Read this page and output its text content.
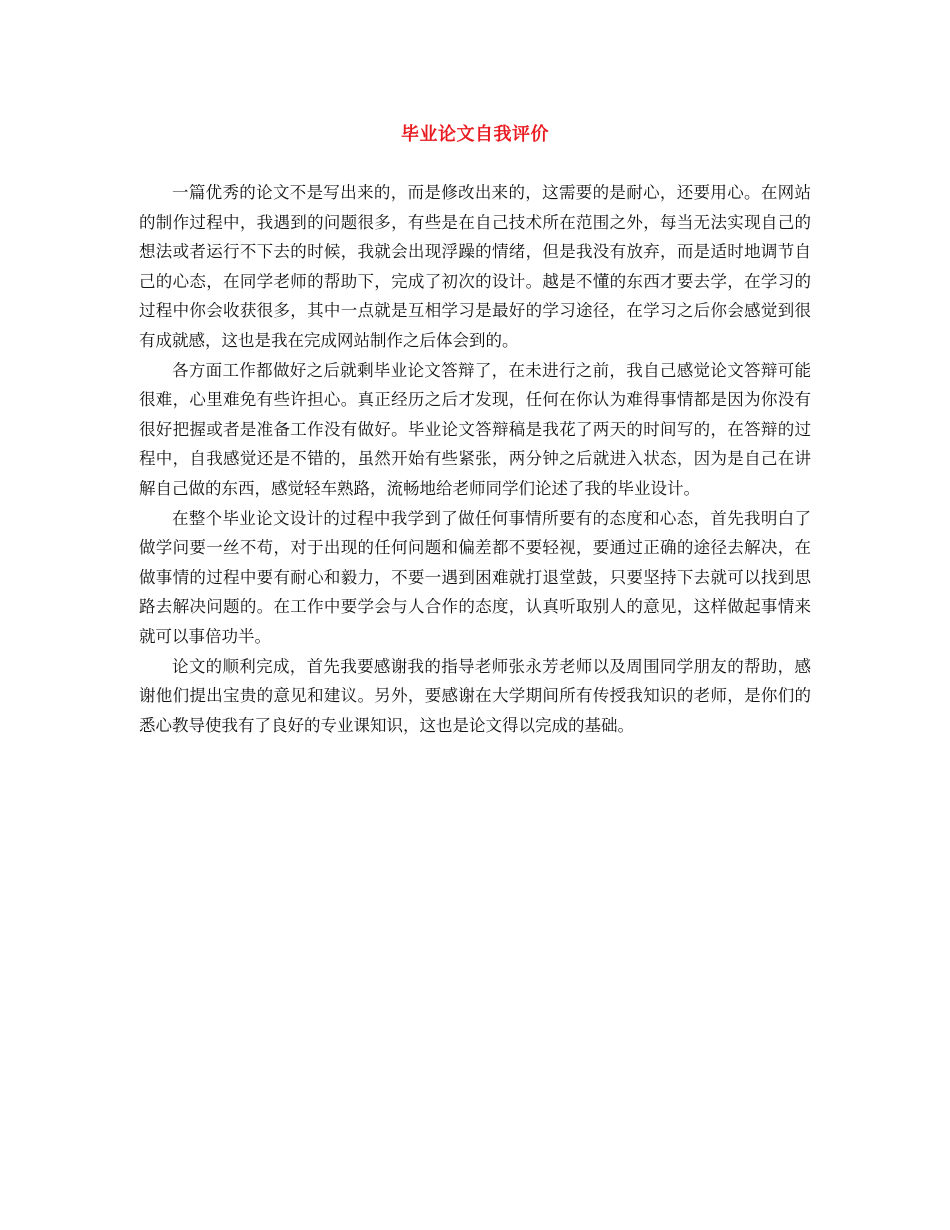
毕业论文自我评价

一篇优秀的论文不是写出来的，而是修改出来的，这需要的是耐心，还要用心。在网站的制作过程中，我遇到的问题很多，有些是在自己技术所在范围之外，每当无法实现自己的想法或者运行不下去的时候，我就会出现浮躁的情绪，但是我没有放弃，而是适时地调节自己的心态，在同学老师的帮助下，完成了初次的设计。越是不懂的东西才要去学，在学习的过程中你会收获很多，其中一点就是互相学习是最好的学习途径，在学习之后你会感觉到很有成就感，这也是我在完成网站制作之后体会到的。

各方面工作都做好之后就剩毕业论文答辩了，在未进行之前，我自己感觉论文答辩可能很难，心里难免有些许担心。真正经历之后才发现，任何在你认为难得事情都是因为你没有很好把握或者是准备工作没有做好。毕业论文答辩稿是我花了两天的时间写的，在答辩的过程中，自我感觉还是不错的，虽然开始有些紧张，两分钟之后就进入状态，因为是自己在讲解自己做的东西，感觉轻车熟路，流畅地给老师同学们论述了我的毕业设计。

在整个毕业论文设计的过程中我学到了做任何事情所要有的态度和心态，首先我明白了做学问要一丝不苟，对于出现的任何问题和偏差都不要轻视，要通过正确的途径去解决，在做事情的过程中要有耐心和毅力，不要一遇到困难就打退堂鼓，只要坚持下去就可以找到思路去解决问题的。在工作中要学会与人合作的态度，认真听取别人的意见，这样做起事情来就可以事倍功半。

论文的顺利完成，首先我要感谢我的指导老师张永芳老师以及周围同学朋友的帮助，感谢他们提出宝贵的意见和建议。另外，要感谢在大学期间所有传授我知识的老师，是你们的悉心教导使我有了良好的专业课知识，这也是论文得以完成的基础。
